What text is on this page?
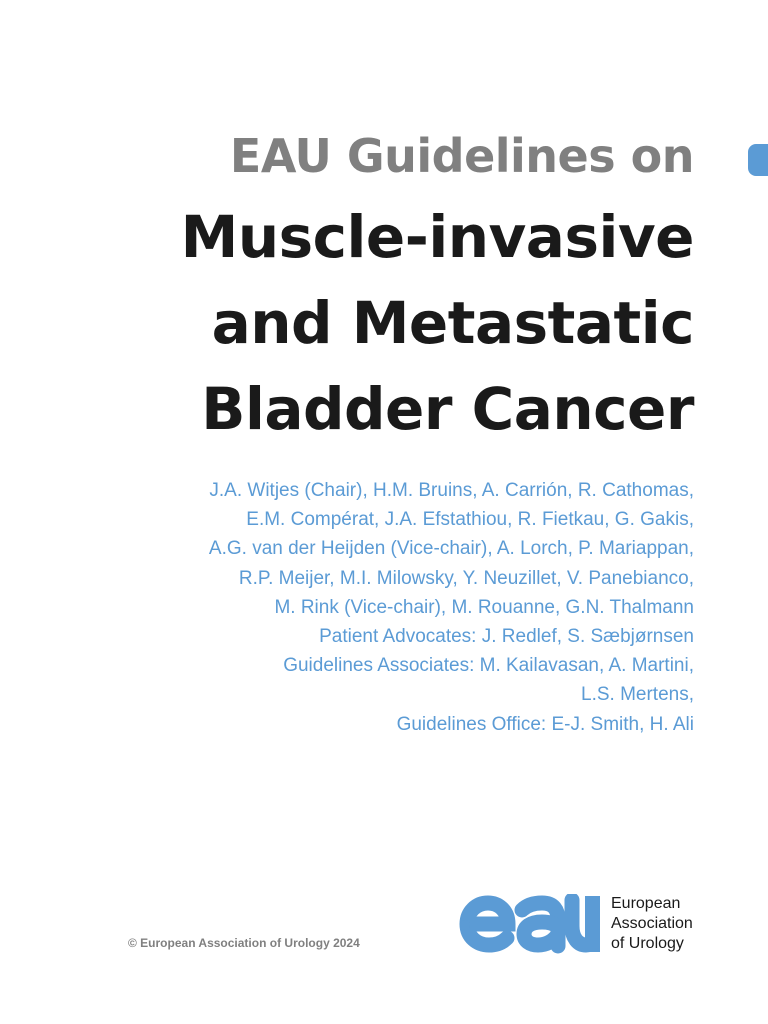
EAU Guidelines on
Muscle-invasive
and Metastatic
Bladder Cancer
J.A. Witjes (Chair), H.M. Bruins, A. Carrión, R. Cathomas,
E.M. Compérat, J.A. Efstathiou, R. Fietkau, G. Gakis,
A.G. van der Heijden (Vice-chair), A. Lorch, P. Mariappan,
R.P. Meijer, M.I. Milowsky, Y. Neuzillet, V. Panebianco,
M. Rink (Vice-chair), M. Rouanne, G.N. Thalmann
Patient Advocates: J. Redlef, S. Sæbjørnsen
Guidelines Associates: M. Kailavasan, A. Martini,
L.S. Mertens,
Guidelines Office: E-J. Smith, H. Ali
© European Association of Urology 2024
European
Association
of Urology
